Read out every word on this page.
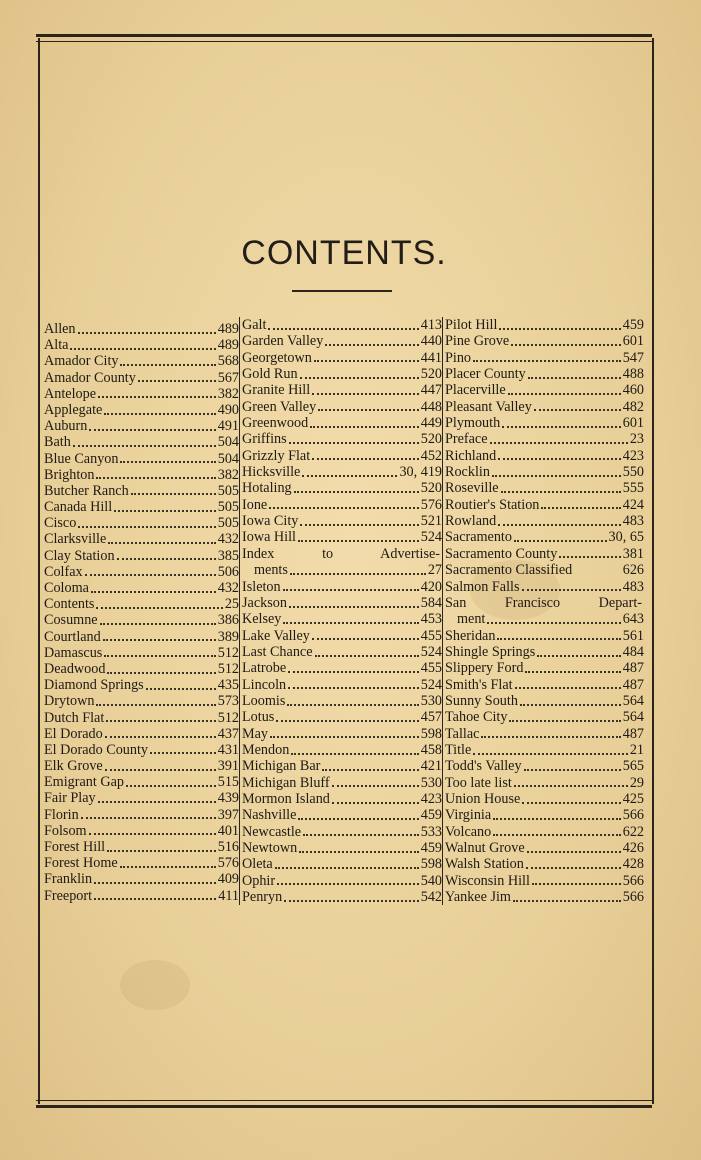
CONTENTS.
Allen	489
Alta	489
Amador City	568
Amador County	567
Antelope	382
Applegate	490
Auburn	491
Bath	504
Blue Canyon	504
Brighton	382
Butcher Ranch	505
Canada Hill	505
Cisco	505
Clarksville	432
Clay Station	385
Colfax	506
Coloma	432
Contents	25
Cosumne	386
Courtland	389
Damascus	512
Deadwood	512
Diamond Springs	435
Drytown	573
Dutch Flat	512
El Dorado	437
El Dorado County	431
Elk Grove	391
Emigrant Gap	515
Fair Play	439
Florin	397
Folsom	401
Forest Hill	516
Forest Home	576
Franklin	409
Freeport	411
Galt	413
Garden Valley	440
Georgetown	441
Gold Run	520
Granite Hill	447
Green Valley	448
Greenwood	449
Griffins	520
Grizzly Flat	452
Hicksville	30, 419
Hotaling	520
Ione	576
Iowa City	521
Iowa Hill	524
Index to Advertise-
ments	27
Isleton	420
Jackson	584
Kelsey	453
Lake Valley	455
Last Chance	524
Latrobe	455
Lincoln	524
Loomis	530
Lotus	457
May	598
Mendon	458
Michigan Bar	421
Michigan Bluff	530
Mormon Island	423
Nashville	459
Newcastle	533
Newtown	459
Oleta	598
Ophir	540
Penryn	542
Pilot Hill	459
Pine Grove	601
Pino	547
Placer County	488
Placerville	460
Pleasant Valley	482
Plymouth	601
Preface	23
Richland	423
Rocklin	550
Roseville	555
Routier's Station	424
Rowland	483
Sacramento	30, 65
Sacramento County	381
Sacramento Classified	626
Salmon Falls	483
San Francisco Depart-
ment	643
Sheridan	561
Shingle Springs	484
Slippery Ford	487
Smith's Flat	487
Sunny South	564
Tahoe City	564
Tallac	487
Title	21
Todd's Valley	565
Too late list	29
Union House	425
Virginia	566
Volcano	622
Walnut Grove	426
Walsh Station	428
Wisconsin Hill	566
Yankee Jim	566
